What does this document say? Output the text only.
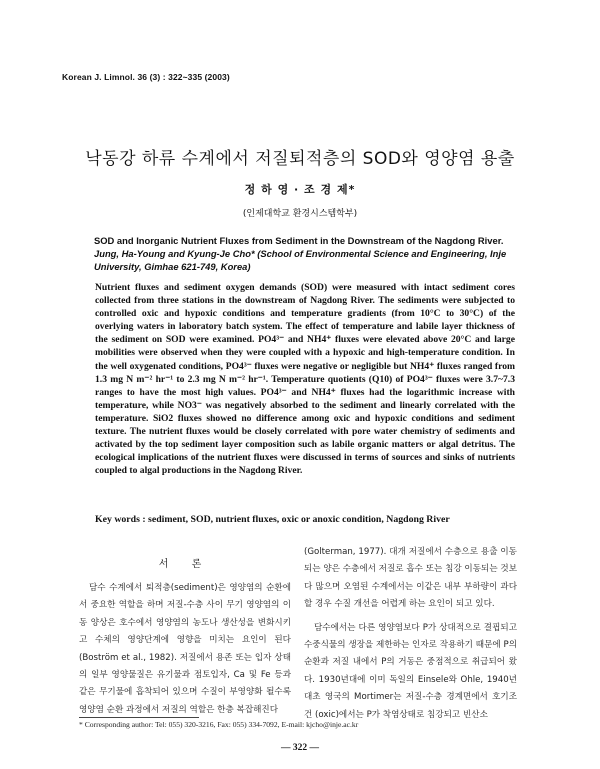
Korean J. Limnol. 36 (3) : 322~335 (2003)
낙동강 하류 수계에서 저질퇴적층의 SOD와 영양염 용출
정 하 영 · 조 경 제*
(인제대학교 환경시스템학부)
SOD and Inorganic Nutrient Fluxes from Sediment in the Downstream of the Nagdong River.
Jung, Ha-Young and Kyung-Je Cho* (School of Environmental Science and Engineering, Inje University, Gimhae 621-749, Korea)
Nutrient fluxes and sediment oxygen demands (SOD) were measured with intact sediment cores collected from three stations in the downstream of Nagdong River. The sediments were subjected to controlled oxic and hypoxic conditions and temperature gradients (from 10°C to 30°C) of the overlying waters in laboratory batch system. The effect of temperature and labile layer thickness of the sediment on SOD were examined. PO4³⁻ and NH4⁺ fluxes were elevated above 20°C and large mobilities were observed when they were coupled with a hypoxic and high-temperature condition. In the well oxygenated conditions, PO4³⁻ fluxes were negative or negligible but NH4⁺ fluxes ranged from 1.3 mg N m⁻² hr⁻¹ to 2.3 mg N m⁻² hr⁻¹. Temperature quotients (Q10) of PO4³⁻ fluxes were 3.7~7.3 ranges to have the most high values. PO4³⁻ and NH4⁺ fluxes had the logarithmic increase with temperature, while NO3⁻ was negatively absorbed to the sediment and linearly correlated with the temperature. SiO2 fluxes showed no difference among oxic and hypoxic conditions and sediment texture. The nutrient fluxes would be closely correlated with pore water chemistry of sediments and activated by the top sediment layer composition such as labile organic matters or algal detritus. The ecological implications of the nutrient fluxes were discussed in terms of sources and sinks of nutrients coupled to algal productions in the Nagdong River.
Key words : sediment, SOD, nutrient fluxes, oxic or anoxic condition, Nagdong River
서 론

담수 수계에서 퇴적층(sediment)은 영양염의 순환에서 중요한 역할을 하며 저질-수층 사이 무기 영양염의 이동 양상은 호수에서 영양염의 농도나 생산성을 변화시키고 수체의 영양단계에 영향을 미치는 요인이 된다 (Boström et al., 1982). 저질에서 용존 또는 입자 상태의 일부 영양물질은 유기물과 점토입자, Ca 및 Fe 등과 같은 무기물에 흡착되어 있으며 수질이 부영양화 될수록 영양염 순환 과정에서 저질의 역할은 한층 복잡해진다

(Golterman, 1977). 대개 저질에서 수층으로 용출 이동되는 양은 수층에서 저질로 흡수 또는 침강 이동되는 것보다 많으며 오염된 수계에서는 이같은 내부 부하량이 과다할 경우 수질 개선을 어렵게 하는 요인이 되고 있다.

담수에서는 다른 영양염보다 P가 상대적으로 결핍되고 수중식물의 생장을 제한하는 인자로 작용하기 때문에 P의 순환과 저질 내에서 P의 거동은 중점적으로 취급되어 왔다. 1930년대에 이미 독일의 Einsele와 Ohle, 1940년대초 영국의 Mortimer는 저질-수층 경계면에서 호기조건 (oxic)에서는 P가 착염상태로 침강되고 빈산소

* Corresponding author: Tel: 055) 320-3216, Fax: 055) 334-7092, E-mail: kjcho@inje.ac.kr
— 322 —
